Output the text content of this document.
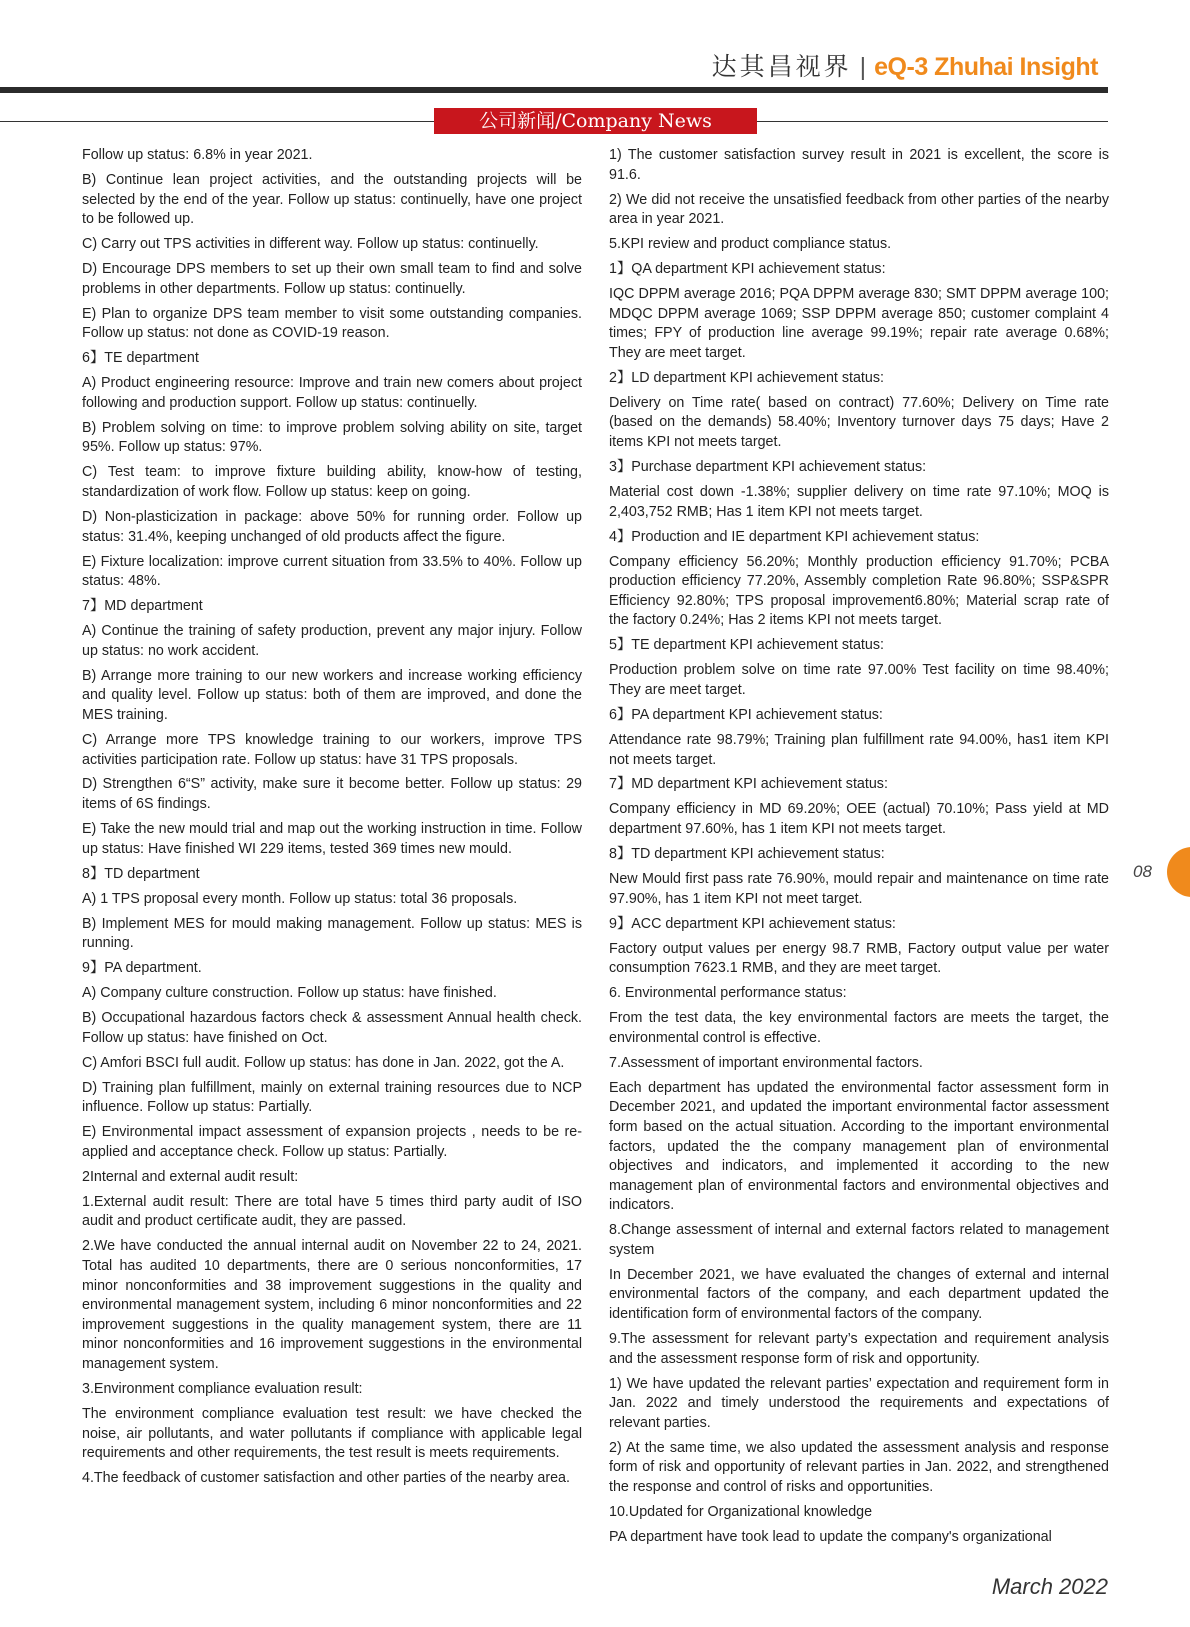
达其昌视界 | eQ-3 Zhuhai Insight
公司新闻/Company News

Follow up status: 6.8% in year 2021.

B) Continue lean project activities, and the outstanding projects will be selected by the end of the year. Follow up status: continuelly, have one project to be followed up.

C) Carry out TPS activities in different way. Follow up status: continuelly.

D) Encourage DPS members to set up their own small team to find and solve problems in other departments. Follow up status: continuelly.

E) Plan to organize DPS team member to visit some outstanding companies. Follow up status: not done as COVID-19 reason.

6】TE department

A) Product engineering resource: Improve and train new comers about project following and production support. Follow up status: continuelly.

B) Problem solving on time: to improve problem solving ability on site, target 95%. Follow up status: 97%.

C) Test team: to improve fixture building ability, know-how of testing, standardization of work flow. Follow up status: keep on going.

D) Non-plasticization in package: above 50% for running order. Follow up status: 31.4%, keeping unchanged of old products affect the figure.

E) Fixture localization: improve current situation from 33.5% to 40%. Follow up status: 48%.

7】MD department

A) Continue the training of safety production, prevent any major injury. Follow up status: no work accident.

B) Arrange more training to our new workers and increase working efficiency and quality level. Follow up status: both of them are improved, and done the MES training.

C) Arrange more TPS knowledge training to our workers, improve TPS activities participation rate. Follow up status: have 31 TPS proposals.

D) Strengthen 6“S” activity, make sure it become better. Follow up status: 29 items of 6S findings.

E) Take the new mould trial and map out the working instruction in time. Follow up status: Have finished WI 229 items, tested 369 times new mould.

8】TD department

A) 1 TPS proposal every month. Follow up status: total 36 proposals.

B) Implement MES for mould making management. Follow up status: MES is running.

9】PA department.

A) Company culture construction. Follow up status: have finished.

B) Occupational hazardous factors check & assessment Annual health check. Follow up status: have finished on Oct.

C) Amfori BSCI full audit. Follow up status: has done in Jan. 2022, got the A.

D) Training plan fulfillment, mainly on external training resources due to NCP influence. Follow up status: Partially.

E) Environmental impact assessment of expansion projects , needs to be re-applied and acceptance check. Follow up status: Partially.

2Internal and external audit result:

1.External audit result: There are total have 5 times third party audit of ISO audit and product certificate audit, they are passed.

2.We have conducted the annual internal audit on November 22 to 24, 2021. Total has audited 10 departments, there are 0 serious nonconformities, 17 minor nonconformities and 38 improvement suggestions in the quality and environmental management system, including 6 minor nonconformities and 22 improvement suggestions in the quality management system, there are 11 minor nonconformities and 16 improvement suggestions in the environmental management system.

3.Environment compliance evaluation result:

The environment compliance evaluation test result: we have checked the noise, air pollutants, and water pollutants if compliance with applicable legal requirements and other requirements, the test result is meets requirements.

4.The feedback of customer satisfaction and other parties of the nearby area.

1) The customer satisfaction survey result in 2021 is excellent, the score is 91.6.

2) We did not receive the unsatisfied feedback from other parties of the nearby area in year 2021.

5.KPI review and product compliance status.

1】QA department KPI achievement status:

IQC DPPM average 2016; PQA DPPM average 830; SMT DPPM average 100; MDQC DPPM average 1069; SSP DPPM average 850; customer complaint 4 times; FPY of production line average 99.19%; repair rate average 0.68%; They are meet target.

2】LD department KPI achievement status:

Delivery on Time rate( based on contract) 77.60%; Delivery on Time rate (based on the demands) 58.40%; Inventory turnover days 75 days; Have 2 items KPI not meets target.

3】Purchase department KPI achievement status:

Material cost down -1.38%; supplier delivery on time rate 97.10%; MOQ is 2,403,752 RMB; Has 1 item KPI not meets target.

4】Production and IE department KPI achievement status:

Company efficiency 56.20%; Monthly production efficiency 91.70%; PCBA production efficiency 77.20%, Assembly completion Rate 96.80%; SSP&SPR Efficiency 92.80%; TPS proposal improvement6.80%; Material scrap rate of the factory 0.24%; Has 2 items KPI not meets target.

5】TE department KPI achievement status:

Production problem solve on time rate 97.00% Test facility on time 98.40%; They are meet target.

6】PA department KPI achievement status:

Attendance rate 98.79%; Training plan fulfillment rate 94.00%, has1 item KPI not meets target.

7】MD department KPI achievement status:

Company efficiency in MD 69.20%; OEE (actual) 70.10%; Pass yield at MD department 97.60%, has 1 item KPI not meets target.

8】TD department KPI achievement status:

New Mould first pass rate 76.90%, mould repair and maintenance on time rate 97.90%, has 1 item KPI not meet target.

9】ACC department KPI achievement status:

Factory output values per energy 98.7 RMB, Factory output value per water consumption 7623.1 RMB, and they are meet target.

6. Environmental performance status:

From the test data, the key environmental factors are meets the target, the environmental control is effective.

7.Assessment of important environmental factors.

Each department has updated the environmental factor assessment form in December 2021, and updated the important environmental factor assessment form based on the actual situation. According to the important environmental factors, updated the the company management plan of environmental objectives and indicators, and implemented it according to the new management plan of environmental factors and environmental objectives and indicators.

8.Change assessment of internal and external factors related to management system

In December 2021, we have evaluated the changes of external and internal environmental factors of the company, and each department updated the identification form of environmental factors of the company.

9.The assessment for relevant party’s expectation and requirement analysis and the assessment response form of risk and opportunity.

1) We have updated the relevant parties’ expectation and requirement form in Jan. 2022 and timely understood the requirements and expectations of relevant parties.

2) At the same time, we also updated the assessment analysis and response form of risk and opportunity of relevant parties in Jan. 2022, and strengthened the response and control of risks and opportunities.

10.Updated for Organizational knowledge

PA department have took lead to update the company's organizational

08
March 2022
